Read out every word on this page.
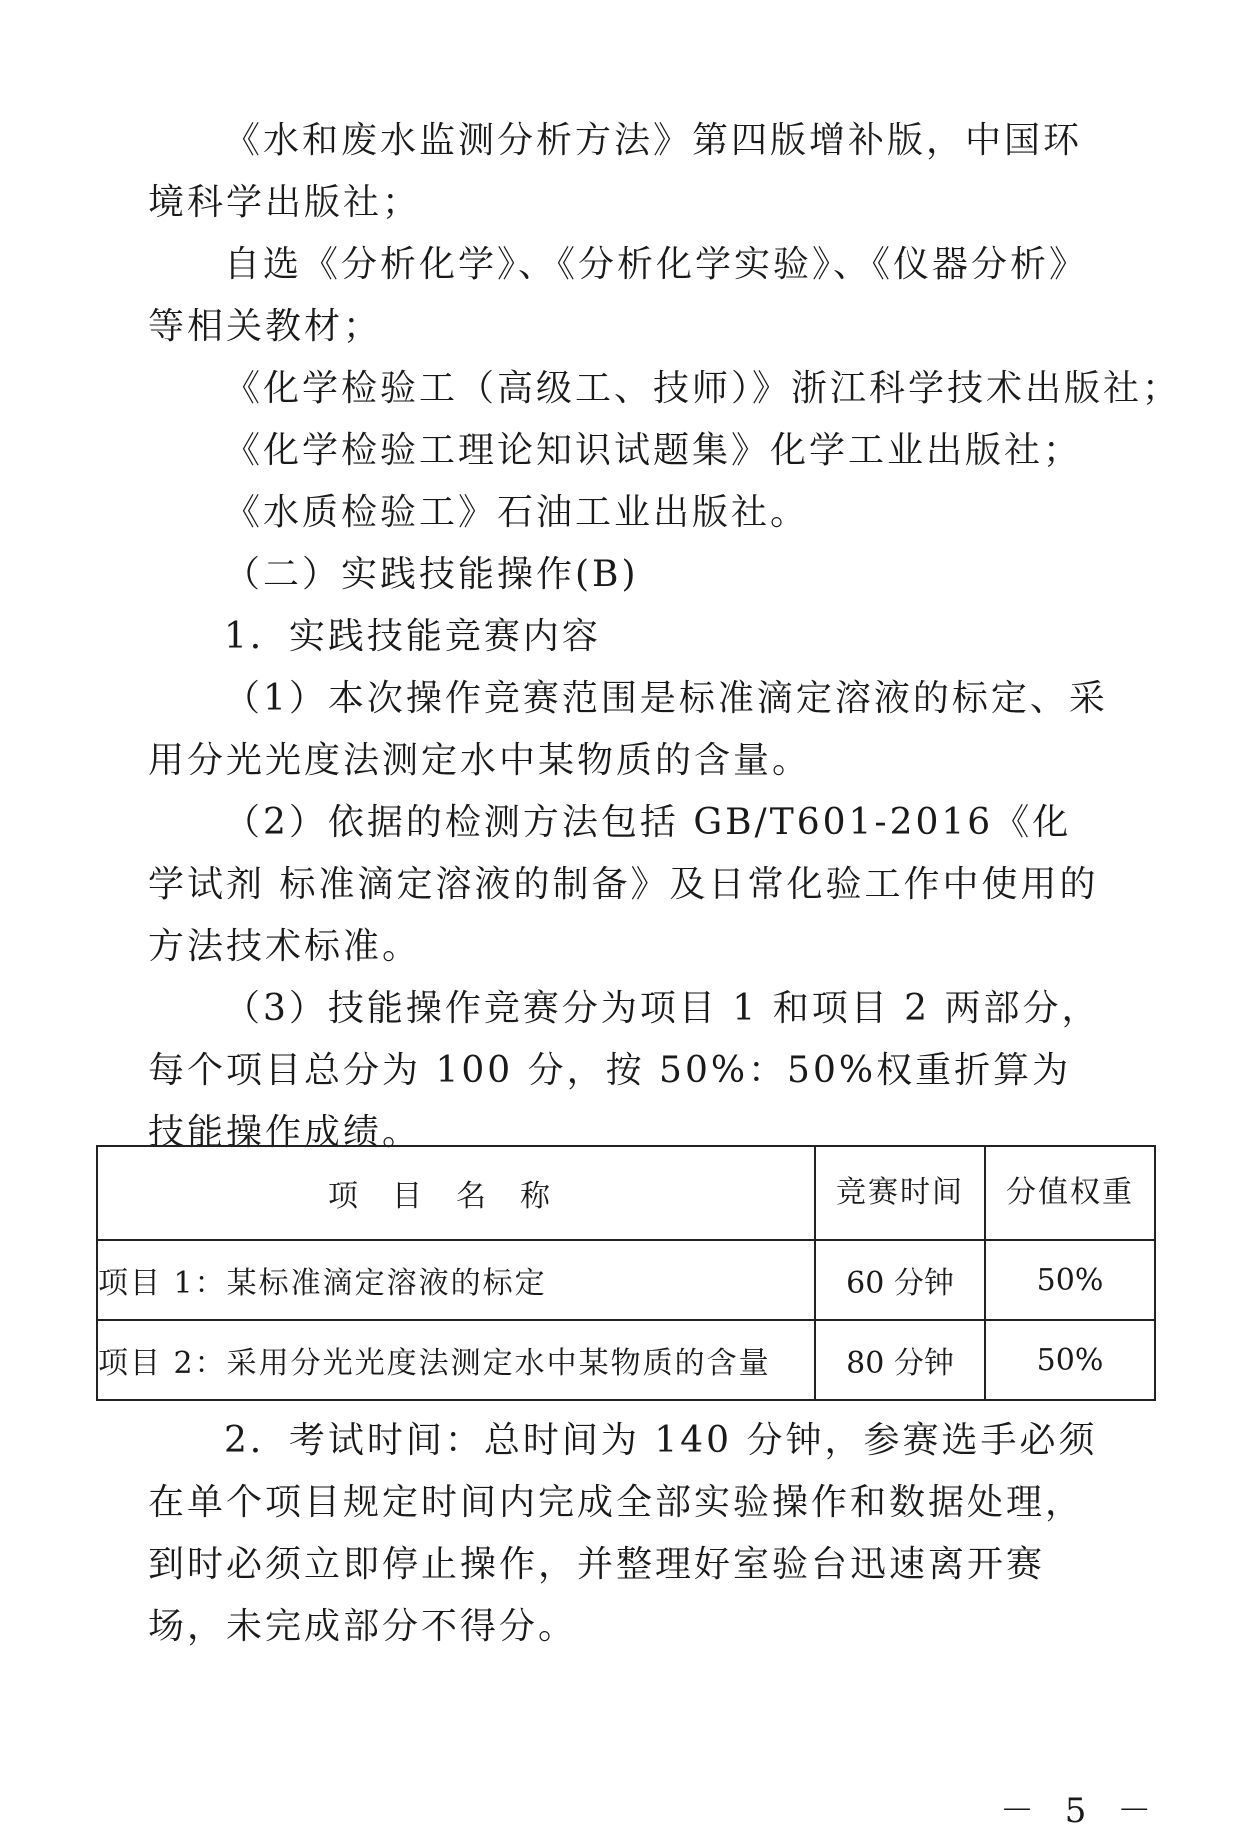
《水和废水监测分析方法》第四版增补版，中国环境科学出版社；

自选《分析化学》、《分析化学实验》、《仪器分析》等相关教材；

《化学检验工（高级工、技师）》浙江科学技术出版社；

《化学检验工理论知识试题集》化学工业出版社；

《水质检验工》石油工业出版社。

（二）实践技能操作(B)

1．实践技能竞赛内容

（1）本次操作竞赛范围是标准滴定溶液的标定、采用分光光度法测定水中某物质的含量。

（2）依据的检测方法包括 GB/T601-2016《化学试剂 标准滴定溶液的制备》及日常化验工作中使用的方法技术标准。

（3）技能操作竞赛分为项目 1 和项目 2 两部分，每个项目总分为 100 分，按 50%：50%权重折算为技能操作成绩。

项目名称	竞赛时间	分值权重
项目 1：某标准滴定溶液的标定	60 分钟	50%
项目 2：采用分光光度法测定水中某物质的含量	80 分钟	50%

2．考试时间：总时间为 140 分钟，参赛选手必须在单个项目规定时间内完成全部实验操作和数据处理，到时必须立即停止操作，并整理好室验台迅速离开赛场，未完成部分不得分。

－ 5 －
